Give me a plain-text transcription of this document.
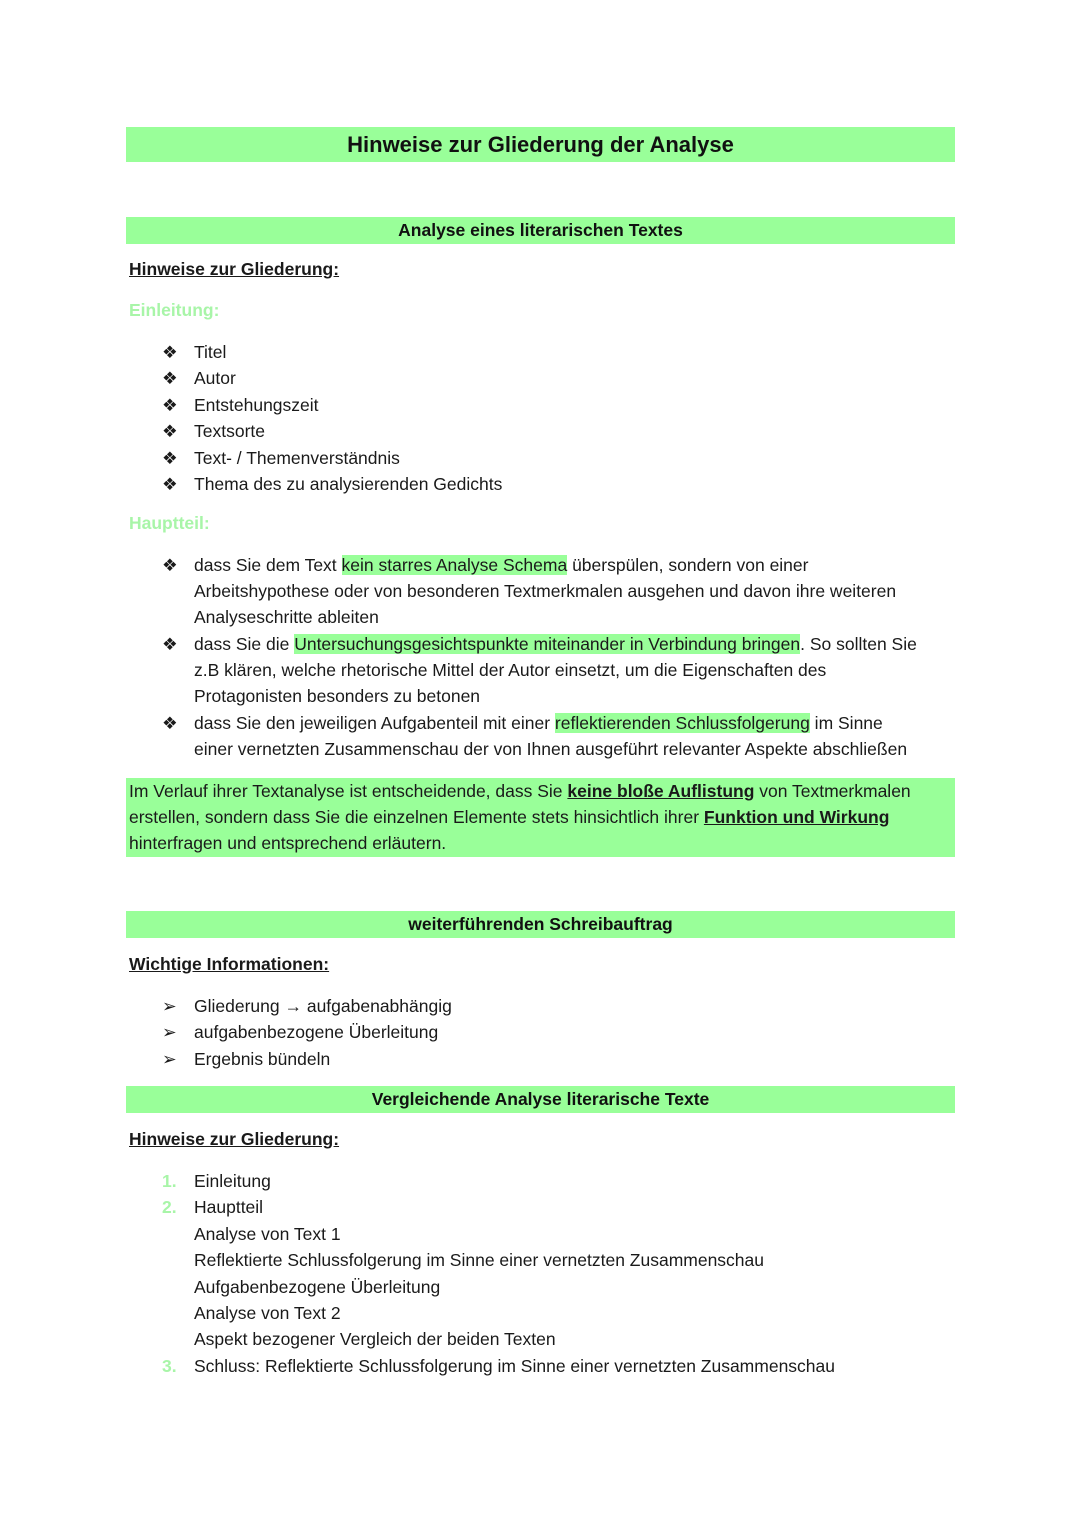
Hinweise zur Gliederung der Analyse
Analyse eines literarischen Textes
Hinweise zur Gliederung:
Einleitung:
❖ Titel
❖ Autor
❖ Entstehungszeit
❖ Textsorte
❖ Text- / Themenverständnis
❖ Thema des zu analysierenden Gedichts
Hauptteil:
❖ dass Sie dem Text kein starres Analyse Schema überspülen, sondern von einer
Arbeitshypothese oder von besonderen Textmerkmalen ausgehen und davon ihre weiteren
Analyseschritte ableiten
❖ dass Sie die Untersuchungsgesichtspunkte miteinander in Verbindung bringen. So sollten Sie
z.B klären, welche rhetorische Mittel der Autor einsetzt, um die Eigenschaften des
Protagonisten besonders zu betonen
❖ dass Sie den jeweiligen Aufgabenteil mit einer reflektierenden Schlussfolgerung im Sinne
einer vernetzten Zusammenschau der von Ihnen ausgeführt relevanter Aspekte abschließen
Im Verlauf ihrer Textanalyse ist entscheidende, dass Sie keine bloße Auflistung von Textmerkmalen
erstellen, sondern dass Sie die einzelnen Elemente stets hinsichtlich ihrer Funktion und Wirkung
hinterfragen und entsprechend erläutern.
weiterführenden Schreibauftrag
Wichtige Informationen:
➢ Gliederung → aufgabenabhängig
➢ aufgabenbezogene Überleitung
➢ Ergebnis bündeln
Vergleichende Analyse literarische Texte
Hinweise zur Gliederung:
1. Einleitung
2. Hauptteil
Analyse von Text 1
Reflektierte Schlussfolgerung im Sinne einer vernetzten Zusammenschau
Aufgabenbezogene Überleitung
Analyse von Text 2
Aspekt bezogener Vergleich der beiden Texten
3. Schluss: Reflektierte Schlussfolgerung im Sinne einer vernetzten Zusammenschau
